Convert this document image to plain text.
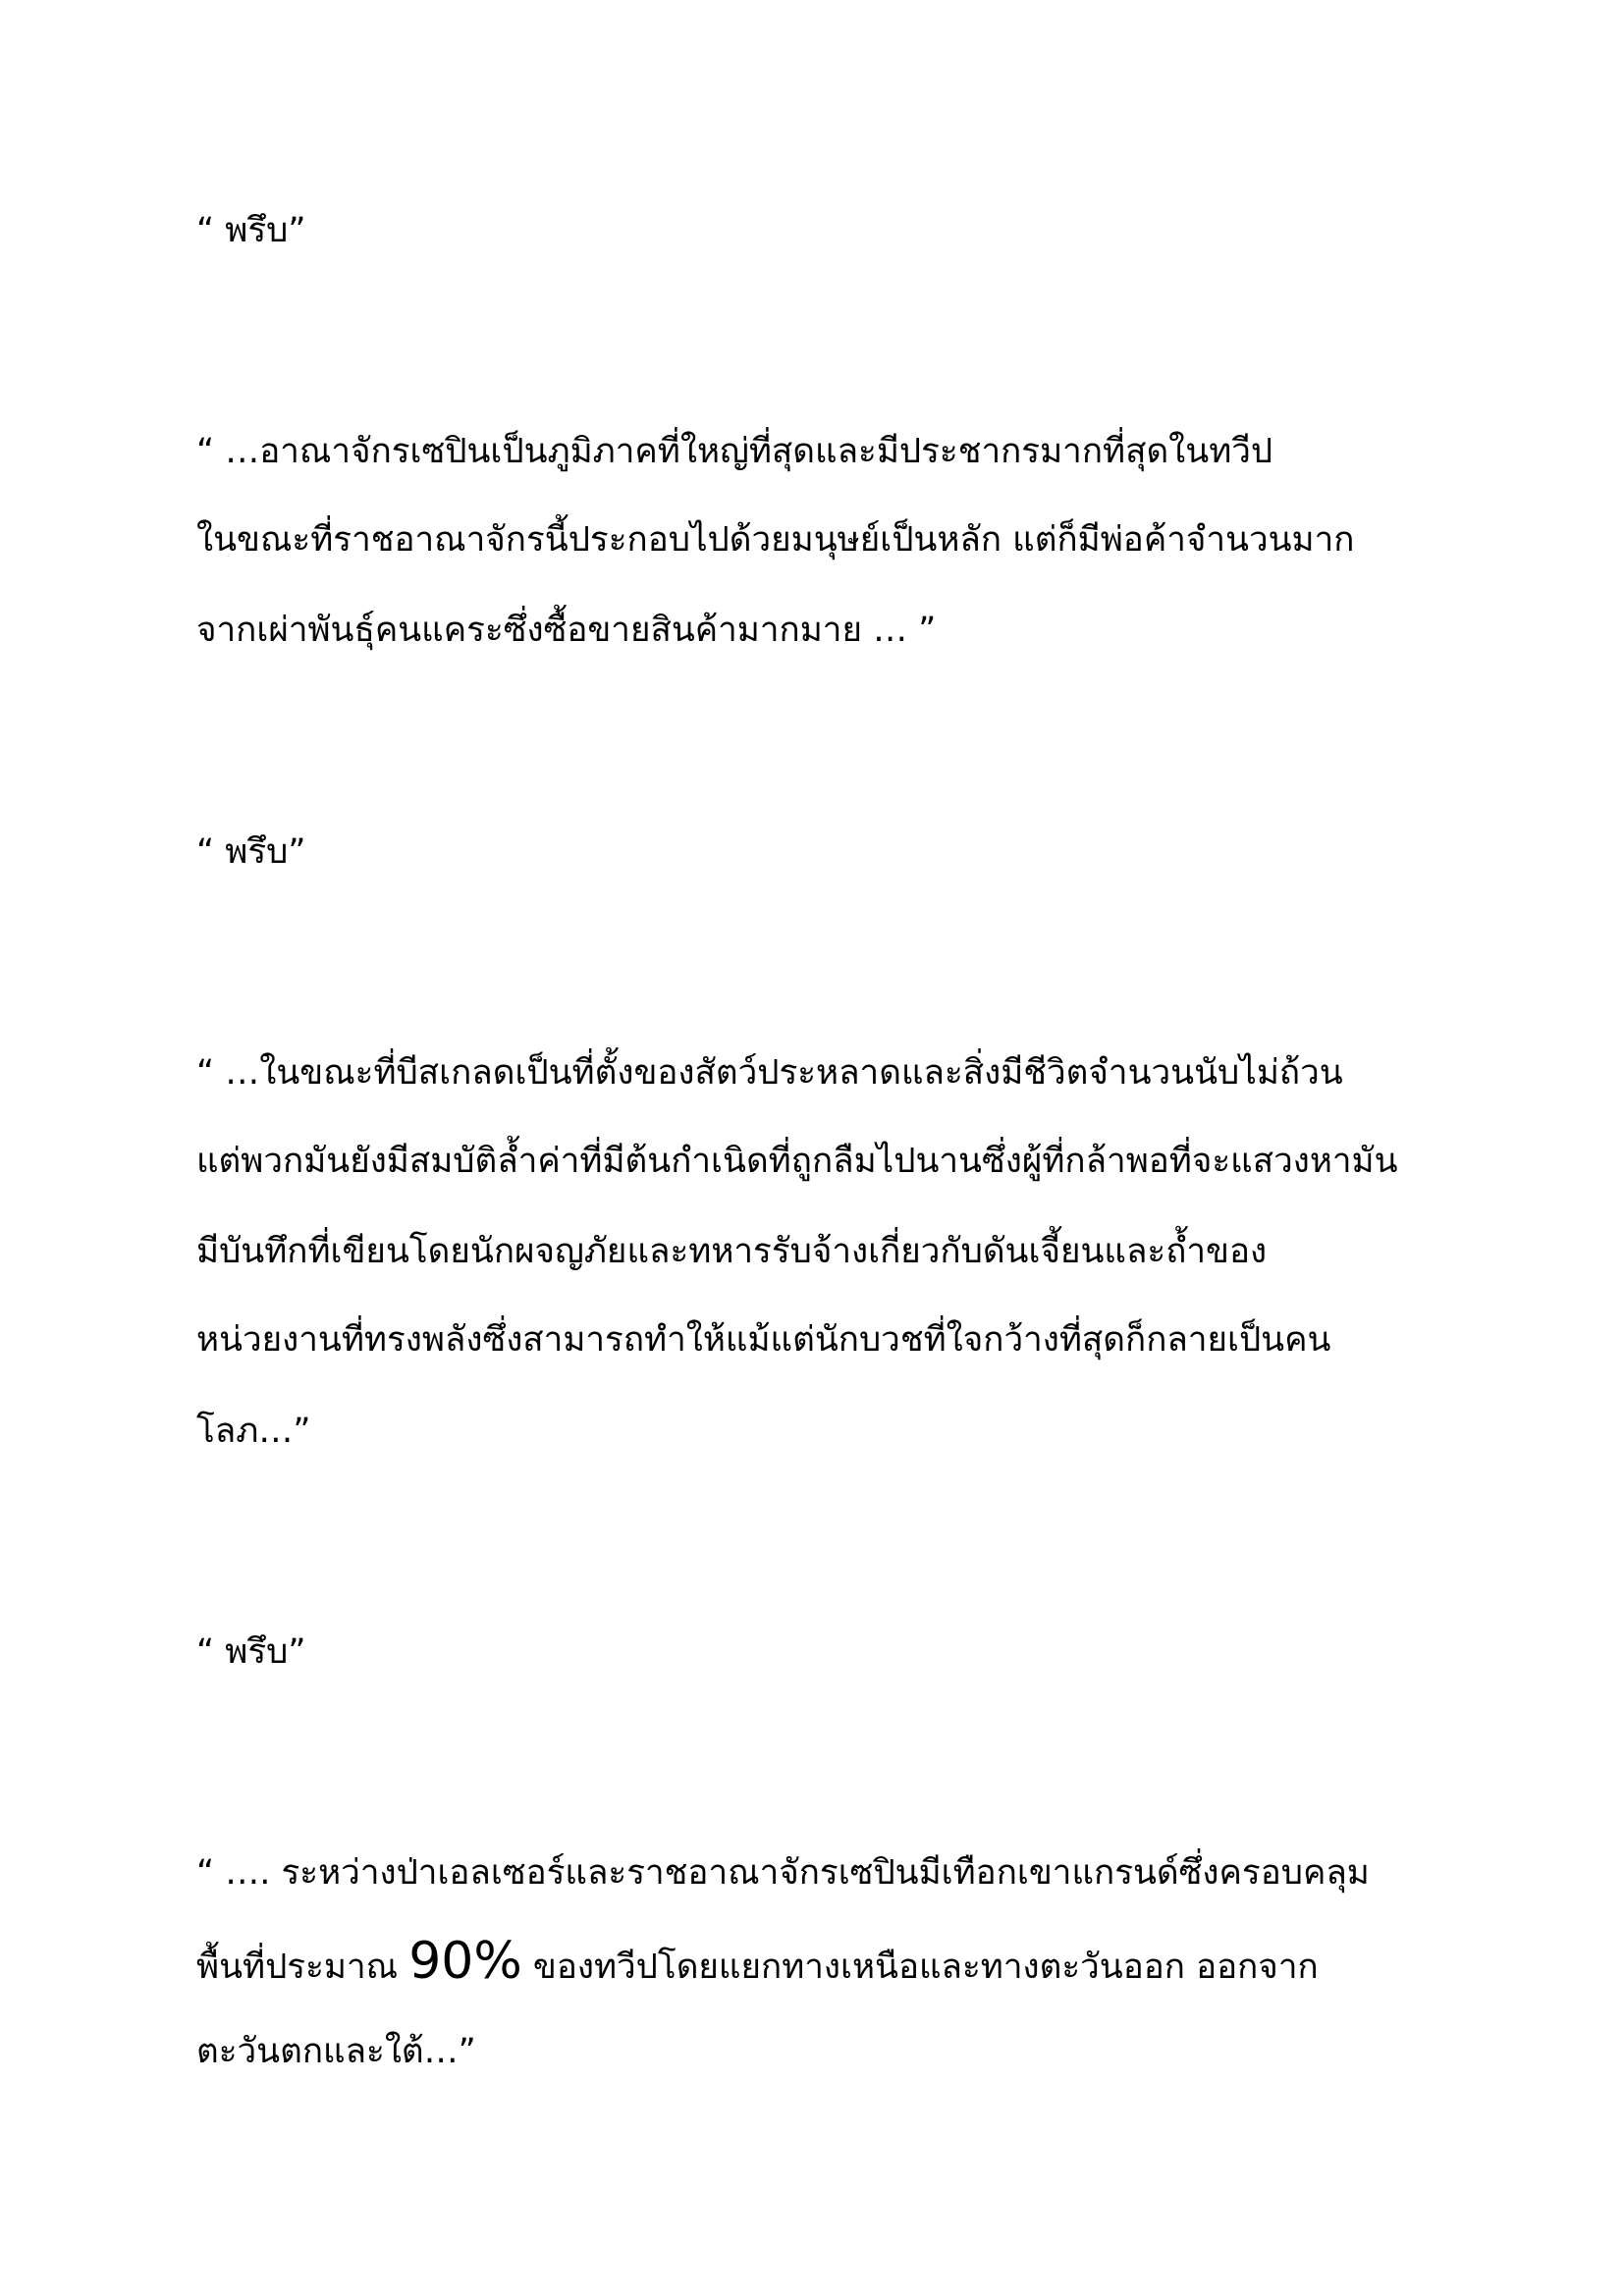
“ พรึบ”
“ …อาณาจักรเซปินเป็นภูมิภาคที่ใหญ่ที่สุดและมีประชากรมากที่สุดในทวีป
ในขณะที่ราชอาณาจักรนี้ประกอบไปด้วยมนุษย์เป็นหลัก แต่ก็มีพ่อค้าจำนวนมาก
จากเผ่าพันธุ์คนแคระซึ่งซื้อขายสินค้ามากมาย … ”
“ พรึบ”
“ …ในขณะที่บีสเกลดเป็นที่ตั้งของสัตว์ประหลาดและสิ่งมีชีวิตจำนวนนับไม่ถ้วน
แต่พวกมันยังมีสมบัติล้ำค่าที่มีต้นกำเนิดที่ถูกลืมไปนานซึ่งผู้ที่กล้าพอที่จะแสวงหามัน
มีบันทึกที่เขียนโดยนักผจญภัยและทหารรับจ้างเกี่ยวกับดันเจี้ยนและถ้ำของ
หน่วยงานที่ทรงพลังซึ่งสามารถทำให้แม้แต่นักบวชที่ใจกว้างที่สุดก็กลายเป็นคน
โลภ…”
“ พรึบ”
“ …. ระหว่างป่าเอลเซอร์และราชอาณาจักรเซปินมีเทือกเขาแกรนด์ซึ่งครอบคลุม
พื้นที่ประมาณ 90% ของทวีปโดยแยกทางเหนือและทางตะวันออก ออกจาก
ตะวันตกและใต้…”
